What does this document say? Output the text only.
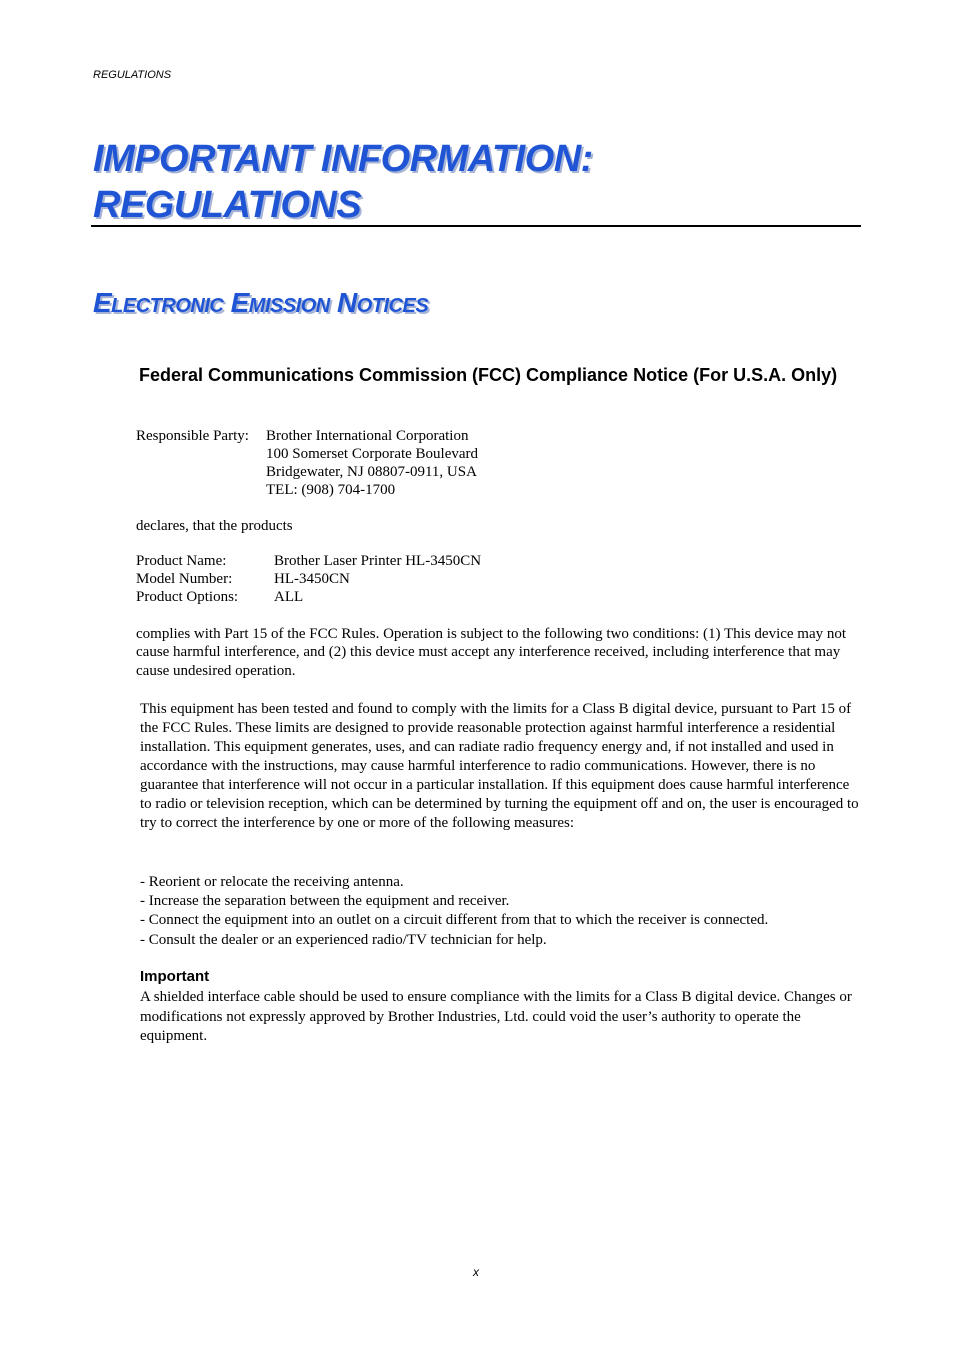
REGULATIONS
IMPORTANT INFORMATION:
REGULATIONS
Electronic Emission Notices
Federal Communications Commission (FCC) Compliance Notice (For U.S.A. Only)
Responsible Party: Brother International Corporation
100 Somerset Corporate Boulevard
Bridgewater, NJ 08807-0911, USA
TEL: (908) 704-1700
declares, that the products
Product Name:	Brother Laser Printer HL-3450CN
Model Number:	HL-3450CN
Product Options: ALL
complies with Part 15 of the FCC Rules. Operation is subject to the following two conditions: (1) This device may not cause harmful interference, and (2) this device must accept any interference received, including interference that may cause undesired operation.
This equipment has been tested and found to comply with the limits for a Class B digital device, pursuant to Part 15 of the FCC Rules. These limits are designed to provide reasonable protection against harmful interference a residential installation. This equipment generates, uses, and can radiate radio frequency energy and, if not installed and used in accordance with the instructions, may cause harmful interference to radio communications. However, there is no guarantee that interference will not occur in a particular installation. If this equipment does cause harmful interference to radio or television reception, which can be determined by turning the equipment off and on, the user is encouraged to try to correct the interference by one or more of the following measures:
- Reorient or relocate the receiving antenna.
- Increase the separation between the equipment and receiver.
- Connect the equipment into an outlet on a circuit different from that to which the receiver is connected.
- Consult the dealer or an experienced radio/TV technician for help.
Important
A shielded interface cable should be used to ensure compliance with the limits for a Class B digital device. Changes or modifications not expressly approved by Brother Industries, Ltd. could void the user’s authority to operate the equipment.
x
